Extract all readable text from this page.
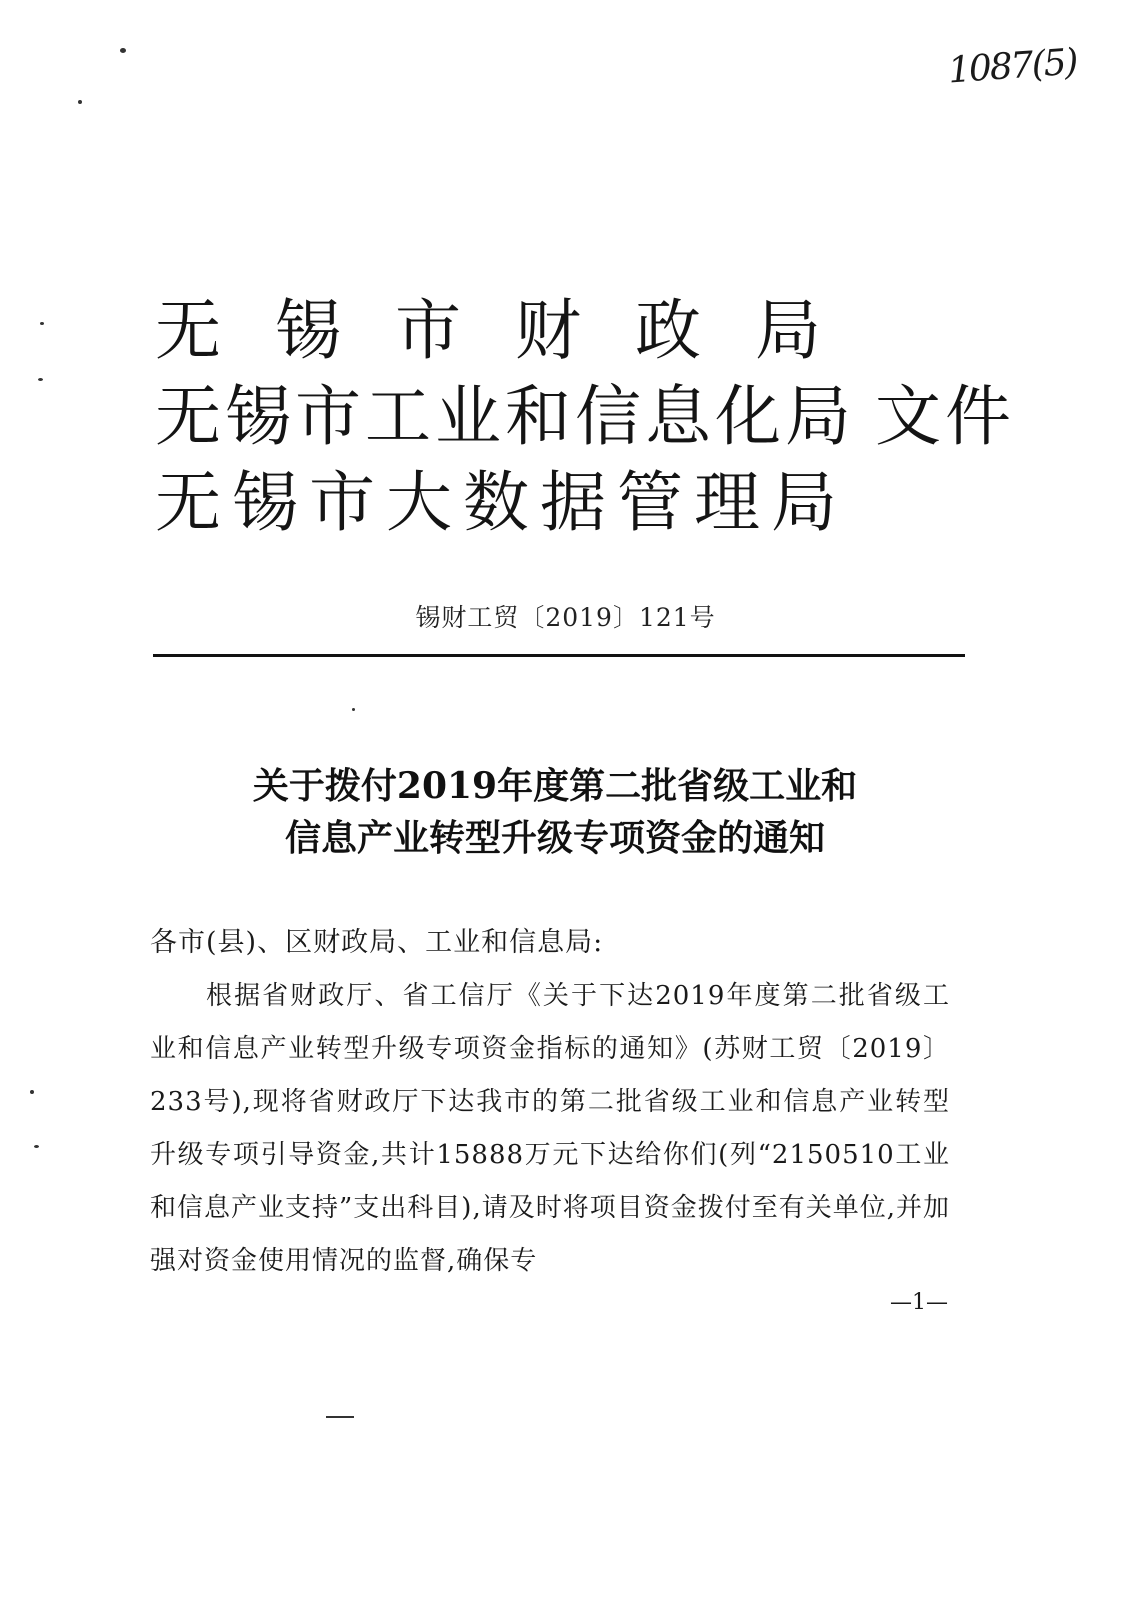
1087(5)
无锡市财政局
无锡市工业和信息化局 文件
无锡市大数据管理局
锡财工贸〔2019〕121号
关于拨付2019年度第二批省级工业和
信息产业转型升级专项资金的通知
各市(县)、区财政局、工业和信息局:
根据省财政厅、省工信厅《关于下达2019年度第二批省级工业和信息产业转型升级专项资金指标的通知》(苏财工贸〔2019〕233号),现将省财政厅下达我市的第二批省级工业和信息产业转型升级专项引导资金,共计15888万元下达给你们(列“2150510工业和信息产业支持”支出科目),请及时将项目资金拨付至有关单位,并加强对资金使用情况的监督,确保专
—1—
